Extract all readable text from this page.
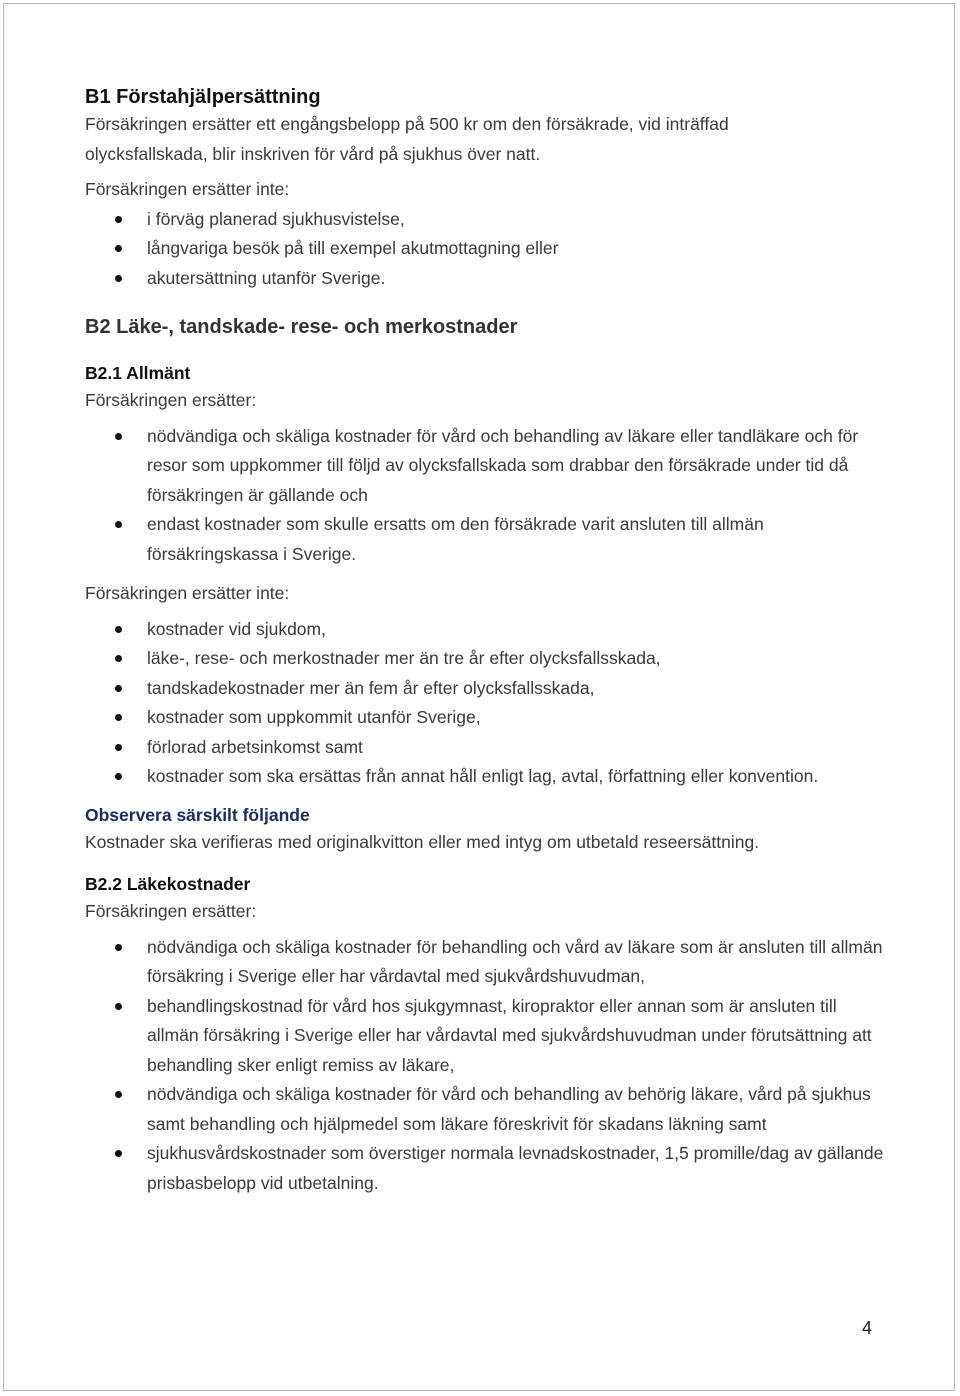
B1 Förstahjälpersättning

Försäkringen ersätter ett engångsbelopp på 500 kr om den försäkrade, vid inträffad olycksfallskada, blir inskriven för vård på sjukhus över natt.

Försäkringen ersätter inte:

i förväg planerad sjukhusvistelse,
långvariga besök på till exempel akutmottagning eller
akutersättning utanför Sverige.
B2 Läke-, tandskade- rese- och merkostnader
B2.1 Allmänt

Försäkringen ersätter:

nödvändiga och skäliga kostnader för vård och behandling av läkare eller tandläkare och för resor som uppkommer till följd av olycksfallskada som drabbar den försäkrade under tid då försäkringen är gällande och
endast kostnader som skulle ersatts om den försäkrade varit ansluten till allmän försäkringskassa i Sverige.

Försäkringen ersätter inte:

kostnader vid sjukdom,
läke-, rese- och merkostnader mer än tre år efter olycksfallsskada,
tandskadekostnader mer än fem år efter olycksfallsskada,
kostnader som uppkommit utanför Sverige,
förlorad arbetsinkomst samt
kostnader som ska ersättas från annat håll enligt lag, avtal, författning eller konvention.
Observera särskilt följande

Kostnader ska verifieras med originalkvitton eller med intyg om utbetald reseersättning.

B2.2 Läkekostnader

Försäkringen ersätter:

nödvändiga och skäliga kostnader för behandling och vård av läkare som är ansluten till allmän försäkring i Sverige eller har vårdavtal med sjukvårdshuvudman,
behandlingskostnad för vård hos sjukgymnast, kiropraktor eller annan som är ansluten till allmän försäkring i Sverige eller har vårdavtal med sjukvårdshuvudman under förutsättning att behandling sker enligt remiss av läkare,
nödvändiga och skäliga kostnader för vård och behandling av behörig läkare, vård på sjukhus samt behandling och hjälpmedel som läkare föreskrivit för skadans läkning samt
sjukhusvårdskostnader som överstiger normala levnadskostnader, 1,5 promille/dag av gällande prisbasbelopp vid utbetalning.
4
